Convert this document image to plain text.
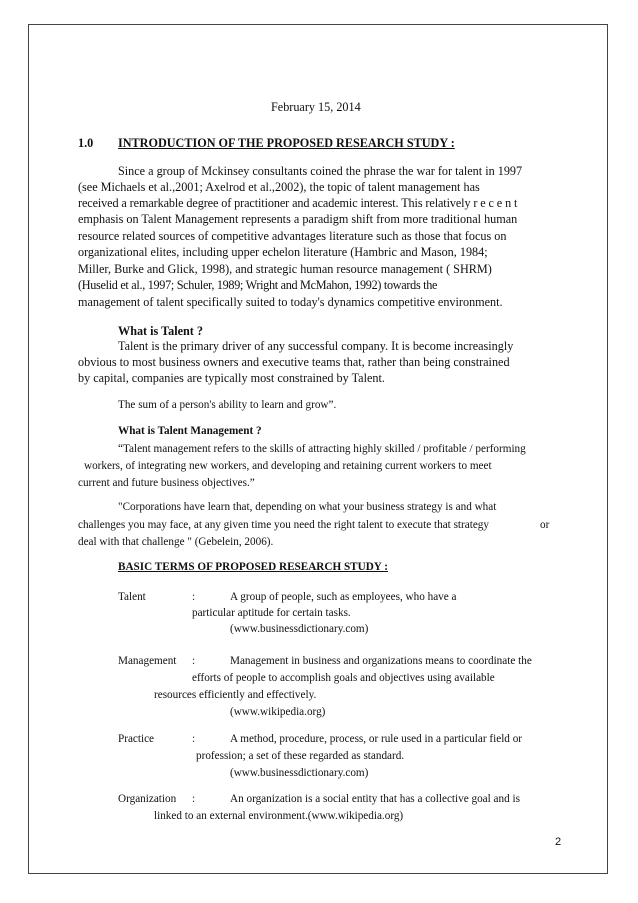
February 15, 2014
1.0 INTRODUCTION OF THE PROPOSED RESEARCH STUDY :
Since a group of Mckinsey consultants coined the phrase the war for talent in 1997
(see Michaels et al.,2001; Axelrod et al.,2002), the topic of talent management has
received a remarkable degree of practitioner and academic interest. This relatively r e c e n t
emphasis on Talent Management represents a paradigm shift from more traditional human
resource related sources of competitive advantages literature such as those that focus on
organizational elites, including upper echelon literature (Hambric and Mason, 1984;
Miller, Burke and Glick, 1998), and strategic human resource management ( SHRM)
(Huselid et al., 1997; Schuler, 1989; Wright and McMahon, 1992) towards the
management of talent specifically suited to today's dynamics competitive environment.
What is Talent ?
Talent is the primary driver of any successful company. It is become increasingly
obvious to most business owners and executive teams that, rather than being constrained
by capital, companies are typically most constrained by Talent.
The sum of a person's ability to learn and grow”.
What is Talent Management ?
“Talent management refers to the skills of attracting highly skilled / profitable / performing
workers, of integrating new workers, and developing and retaining current workers to meet
current and future business objectives.”
"Corporations have learn that, depending on what your business strategy is and what
challenges you may face, at any given time you need the right talent to execute that strategy	or
deal with that challenge " (Gebelein, 2006).
BASIC TERMS OF PROPOSED RESEARCH STUDY :
Talent	:	A group of people, such as employees, who have a
particular aptitude for certain tasks.
(www.businessdictionary.com)
Management :	Management in business and organizations means to coordinate the
efforts of people to accomplish goals and objectives using available
resources efficiently and effectively.
(www.wikipedia.org)
Practice	:	A method, procedure, process, or rule used in a particular field or
profession; a set of these regarded as standard.
(www.businessdictionary.com)
Organization :	An organization is a social entity that has a collective goal and is
linked to an external environment.(www.wikipedia.org)
2
